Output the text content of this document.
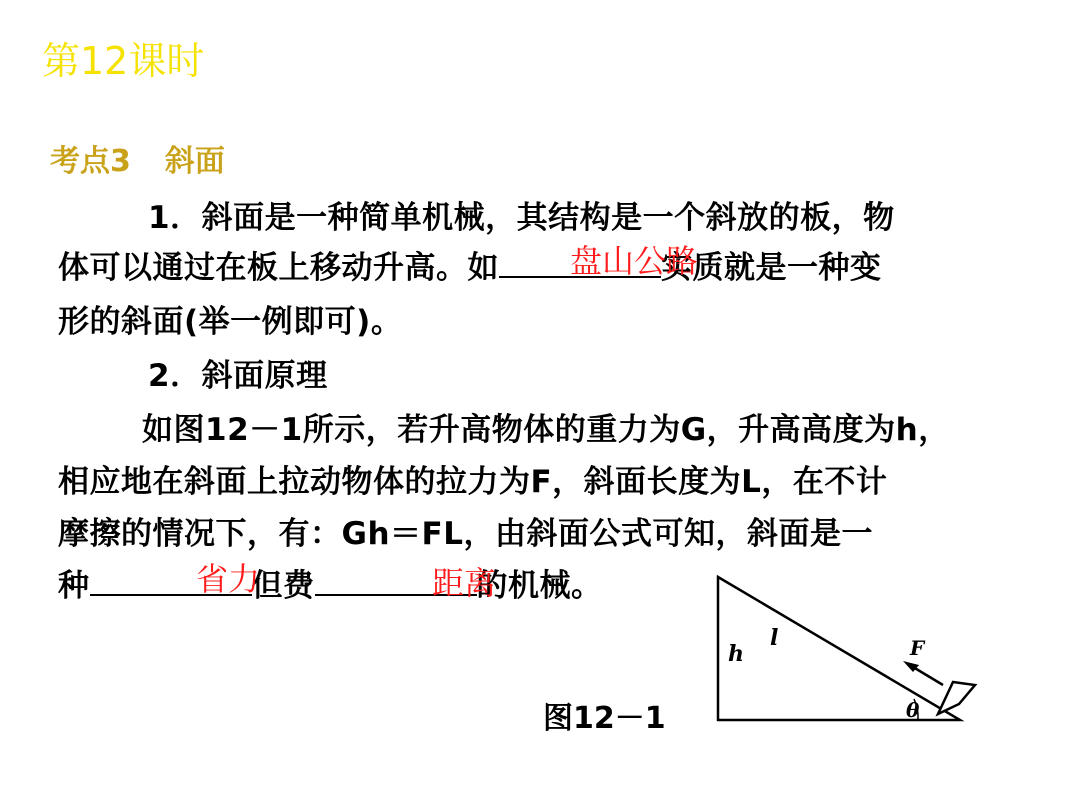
第12课时
考点3 斜面
1．斜面是一种简单机械，其结构是一个斜放的板，物
体可以通过在板上移动升高。如	实质就是一种变
盘山公路
形的斜面(举一例即可)。
2．斜面原理
如图12－1所示，若升高物体的重力为G，升高高度为h，
相应地在斜面上拉动物体的拉力为F，斜面长度为L，在不计
摩擦的情况下，有：Gh＝FL，由斜面公式可知，斜面是一
种	但费	的机械。
省力	距离
图12－1
h
l	F
θ
